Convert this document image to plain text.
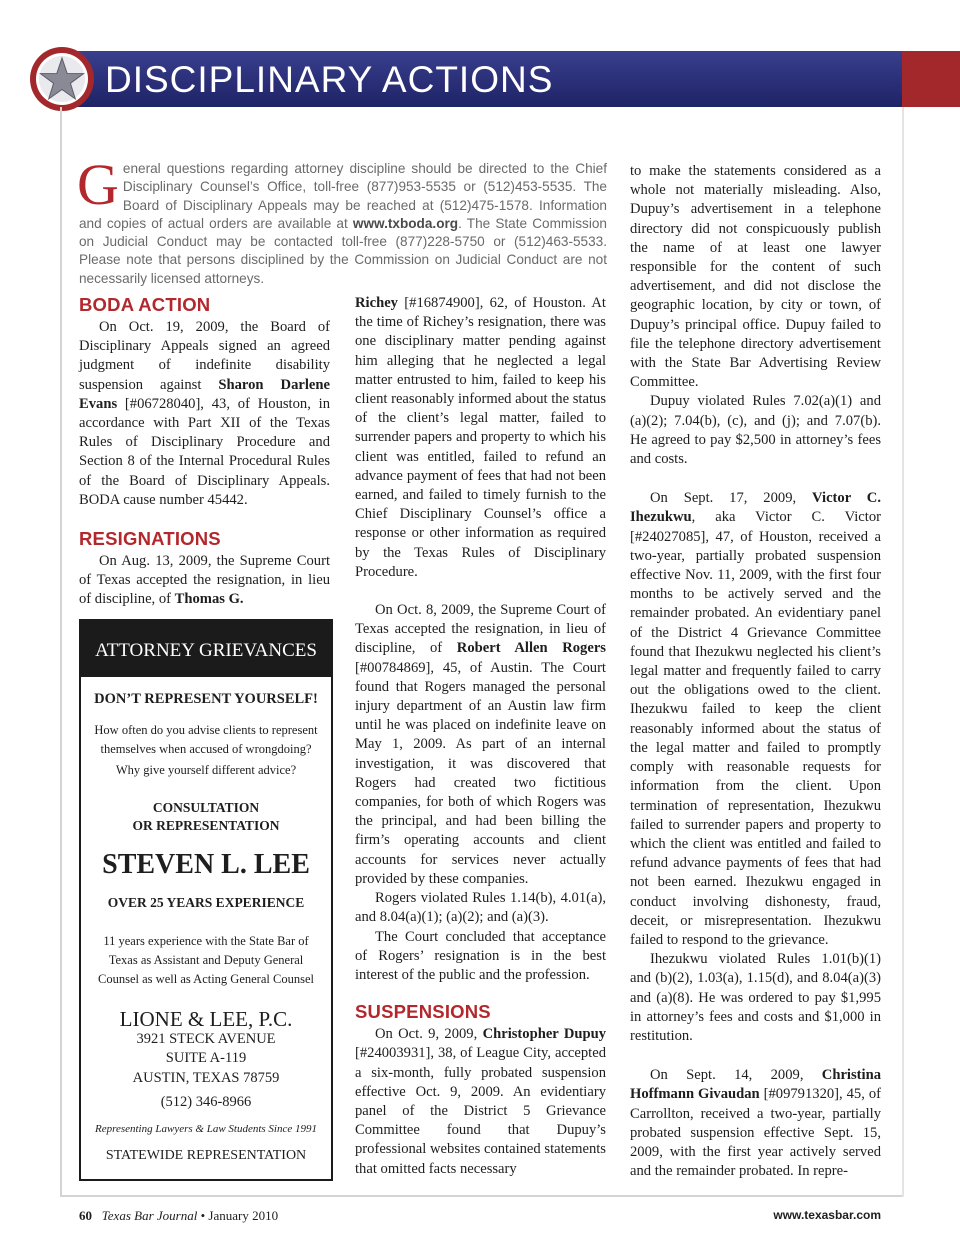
DISCIPLINARY ACTIONS
General questions regarding attorney discipline should be directed to the Chief Disciplinary Counsel’s Office, toll-free (877)953-5535 or (512)453-5535. The Board of Disciplinary Appeals may be reached at (512)475-1578. Information and copies of actual orders are available at www.txboda.org. The State Commission on Judicial Conduct may be contacted toll-free (877)228-5750 or (512)463-5533. Please note that persons disciplined by the Commission on Judicial Conduct are not necessarily licensed attorneys.
BODA ACTION

On Oct. 19, 2009, the Board of Disciplinary Appeals signed an agreed judgment of indefinite disability suspension against Sharon Darlene Evans [#06728040], 43, of Houston, in accordance with Part XII of the Texas Rules of Disciplinary Procedure and Section 8 of the Internal Procedural Rules of the Board of Disciplinary Appeals. BODA cause number 45442.

RESIGNATIONS

On Aug. 13, 2009, the Supreme Court of Texas accepted the resignation, in lieu of discipline, of Thomas G.

ATTORNEY GRIEVANCES
DON’T REPRESENT YOURSELF!
How often do you advise clients to represent
themselves when accused of wrongdoing?
Why give yourself different advice?
CONSULTATION
OR REPRESENTATION
STEVEN L. LEE
OVER 25 YEARS EXPERIENCE
11 years experience with the State Bar of
Texas as Assistant and Deputy General
Counsel as well as Acting General Counsel
LIONE & LEE, P.C.
3921 STECK AVENUE
SUITE A-119
AUSTIN, TEXAS 78759
(512) 346-8966
Representing Lawyers & Law Students Since 1991
STATEWIDE REPRESENTATION

Richey [#16874900], 62, of Houston. At the time of Richey’s resignation, there was one disciplinary matter pending against him alleging that he neglected a legal matter entrusted to him, failed to keep his client reasonably informed about the status of the client’s legal matter, failed to surrender papers and property to which his client was entitled, failed to refund an advance payment of fees that had not been earned, and failed to timely furnish to the Chief Disciplinary Counsel’s office a response or other information as required by the Texas Rules of Disciplinary Procedure.

On Oct. 8, 2009, the Supreme Court of Texas accepted the resignation, in lieu of discipline, of Robert Allen Rogers [#00784869], 45, of Austin. The Court found that Rogers managed the personal injury department of an Austin law firm until he was placed on indefinite leave on May 1, 2009. As part of an internal investigation, it was discovered that Rogers had created two fictitious companies, for both of which Rogers was the principal, and had been billing the firm’s operating accounts and client accounts for services never actually provided by these companies.

Rogers violated Rules 1.14(b), 4.01(a), and 8.04(a)(1); (a)(2); and (a)(3).

The Court concluded that acceptance of Rogers’ resignation is in the best interest of the public and the profession.

SUSPENSIONS

On Oct. 9, 2009, Christopher Dupuy [#24003931], 38, of League City, accepted a six-month, fully probated suspension effective Oct. 9, 2009. An evidentiary panel of the District 5 Grievance Committee found that Dupuy’s professional websites contained statements that omitted facts necessary

to make the statements considered as a whole not materially misleading. Also, Dupuy’s advertisement in a telephone directory did not conspicuously publish the name of at least one lawyer responsible for the content of such advertisement, and did not disclose the geographic location, by city or town, of Dupuy’s principal office. Dupuy failed to file the telephone directory advertisement with the State Bar Advertising Review Committee.

Dupuy violated Rules 7.02(a)(1) and (a)(2); 7.04(b), (c), and (j); and 7.07(b). He agreed to pay $2,500 in attorney’s fees and costs.

On Sept. 17, 2009, Victor C. Ihezukwu, aka Victor C. Victor [#24027085], 47, of Houston, received a two-year, partially probated suspension effective Nov. 11, 2009, with the first four months to be actively served and the remainder probated. An evidentiary panel of the District 4 Grievance Committee found that Ihezukwu neglected his client’s legal matter and frequently failed to carry out the obligations owed to the client. Ihezukwu failed to keep the client reasonably informed about the status of the legal matter and failed to promptly comply with reasonable requests for information from the client. Upon termination of representation, Ihezukwu failed to surrender papers and property to which the client was entitled and failed to refund advance payments of fees that had not been earned. Ihezukwu engaged in conduct involving dishonesty, fraud, deceit, or misrepresentation. Ihezukwu failed to respond to the grievance.

Ihezukwu violated Rules 1.01(b)(1) and (b)(2), 1.03(a), 1.15(d), and 8.04(a)(3) and (a)(8). He was ordered to pay $1,995 in attorney’s fees and costs and $1,000 in restitution.

On Sept. 14, 2009, Christina Hoffmann Givaudan [#09791320], 45, of Carrollton, received a two-year, partially probated suspension effective Sept. 15, 2009, with the first year actively served and the remainder probated. In repre-

60 Texas Bar Journal • January 2010	www.texasbar.com
